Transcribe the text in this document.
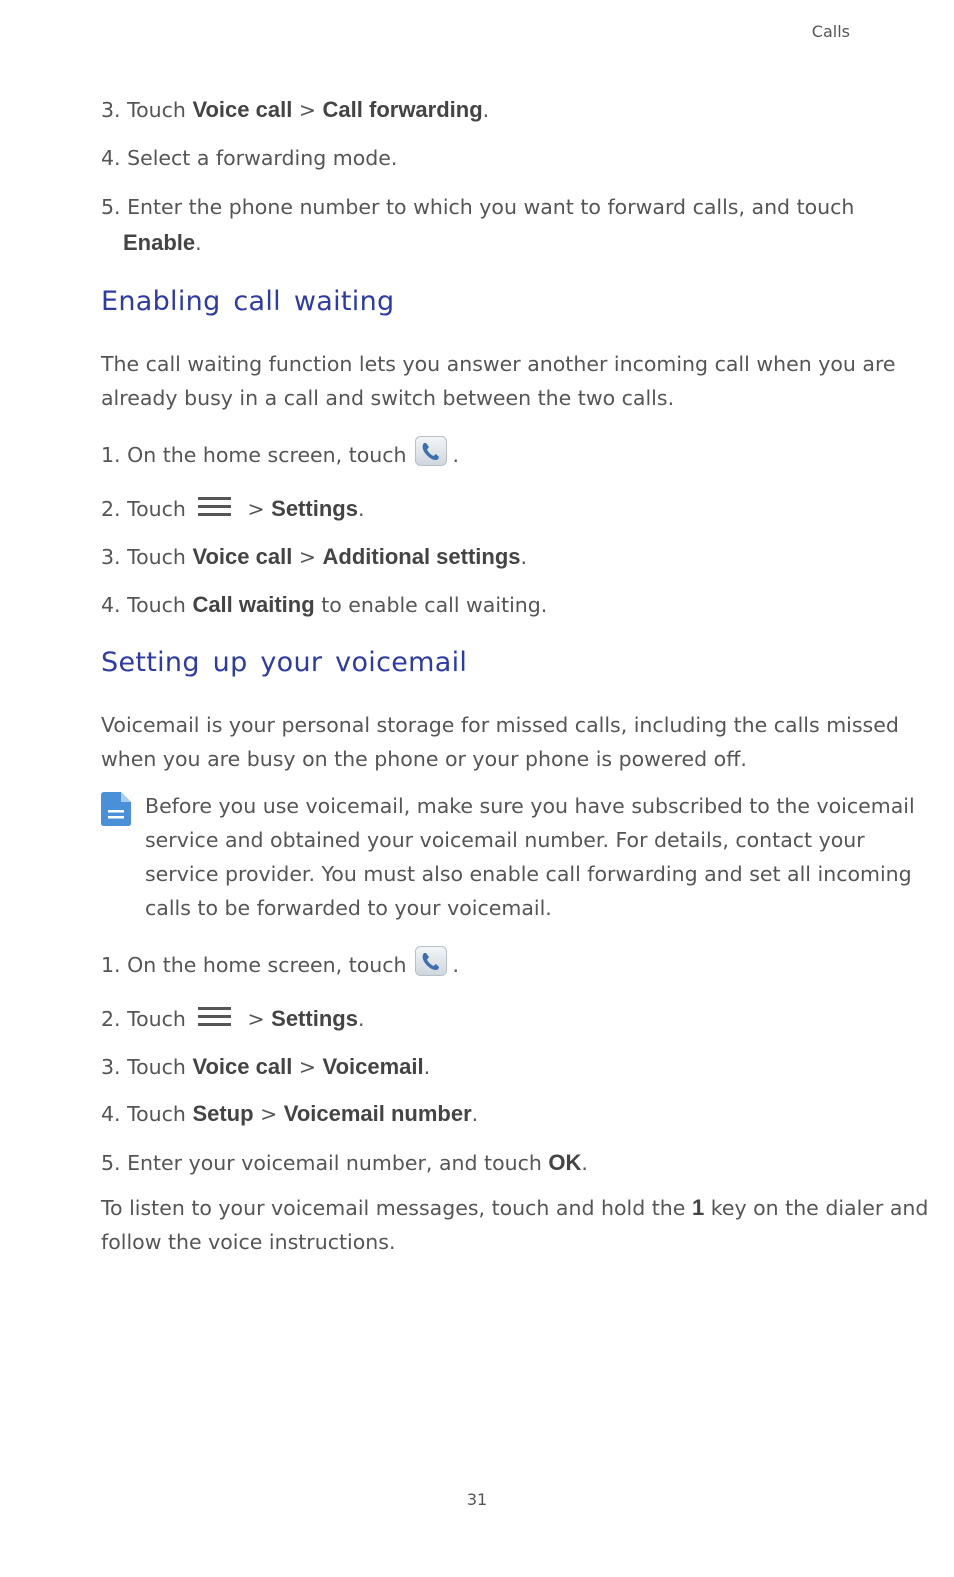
Calls
3. Touch Voice call > Call forwarding.
4. Select a forwarding mode.
5. Enter the phone number to which you want to forward calls, and touch
Enable.
Enabling call waiting
The call waiting function lets you answer another incoming call when you are
already busy in a call and switch between the two calls.
1. On the home screen, touch .
2. Touch	> Settings.
3. Touch Voice call > Additional settings.
4. Touch Call waiting to enable call waiting.
Setting up your voicemail
Voicemail is your personal storage for missed calls, including the calls missed
when you are busy on the phone or your phone is powered off.
Before you use voicemail, make sure you have subscribed to the voicemail
service and obtained your voicemail number. For details, contact your
service provider. You must also enable call forwarding and set all incoming
calls to be forwarded to your voicemail.
1. On the home screen, touch .
2. Touch	> Settings.
3. Touch Voice call > Voicemail.
4. Touch Setup > Voicemail number.
5. Enter your voicemail number, and touch OK.
To listen to your voicemail messages, touch and hold the 1 key on the dialer and
follow the voice instructions.
31
